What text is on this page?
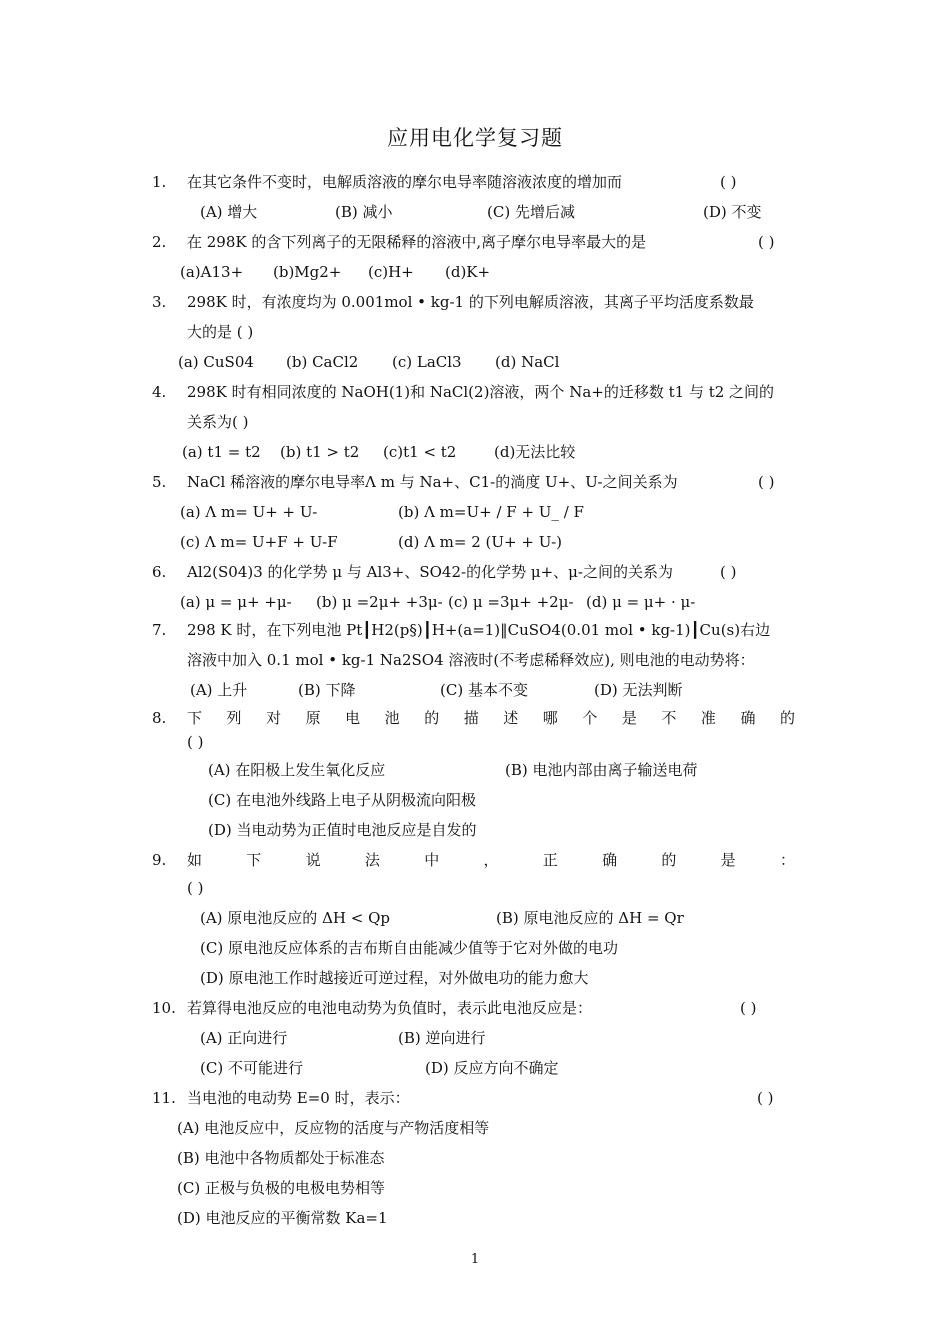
应用电化学复习题
1. 在其它条件不变时，电解质溶液的摩尔电导率随溶液浓度的增加而	( )
(A) 增大	(B) 减小	(C) 先增后减	(D) 不变
2. 在 298K 的含下列离子的无限稀释的溶液中,离子摩尔电导率最大的是	( )
(a)A13+ (b)Mg2+ (c)H+ (d)K+
3. 298K 时，有浓度均为 0.001mol • kg-1 的下列电解质溶液，其离子平均活度系数最
大的是 ( )
(a) CuS04 (b) CaCl2 (c) LaCl3 (d) NaCl
4. 298K 时有相同浓度的 NaOH(1)和 NaCl(2)溶液，两个 Na+的迁移数 t1 与 t2 之间的
关系为( )
(a) t1 = t2 (b) t1 > t2 (c)t1 < t2	(d)无法比较
5. NaCl 稀溶液的摩尔电导率Λ m 与 Na+、C1-的淌度 U+、U-之间关系为	( )
(a) Λ m= U+ + U-	(b) Λ m=U+ / F + U_ / F
(c) Λ m= U+F + U-F	(d) Λ m= 2 (U+ + U-)
6. Al2(S04)3 的化学势 μ 与 Al3+、SO42-的化学势 μ+、μ-之间的关系为	( )
(a) μ = μ+ +μ- (b) μ =2μ+ +3μ- (c) μ =3μ+ +2μ- (d) μ = μ+ · μ-
7. 298 K 时，在下列电池 Pt┃H2(p§)┃H+(a=1)‖CuSO4(0.01 mol • kg-1)┃Cu(s)右边
溶液中加入 0.1 mol • kg-1 Na2SO4 溶液时(不考虑稀释效应), 则电池的电动势将：
(A) 上升	(B) 下降	(C) 基本不变	(D) 无法判断
8. 下 列 对 原 电 池 的 描 述 哪 个 是 不 准 确 的
( )
(A) 在阳极上发生氧化反应	(B) 电池内部由离子输送电荷
(C) 在电池外线路上电子从阴极流向阳极
(D) 当电动势为正值时电池反应是自发的
9. 如	下	说	法	中	，	正	确	的	是	：
( )
(A) 原电池反应的 ΔH < Qp	(B) 原电池反应的 ΔH = Qr
(C) 原电池反应体系的吉布斯自由能减少值等于它对外做的电功
(D) 原电池工作时越接近可逆过程，对外做电功的能力愈大
10. 若算得电池反应的电池电动势为负值时，表示此电池反应是：	( )
(A) 正向进行	(B) 逆向进行
(C) 不可能进行	(D) 反应方向不确定
11. 当电池的电动势 E=0 时，表示：	( )
(A) 电池反应中，反应物的活度与产物活度相等
(B) 电池中各物质都处于标准态
(C) 正极与负极的电极电势相等
(D) 电池反应的平衡常数 Ka=1
1
